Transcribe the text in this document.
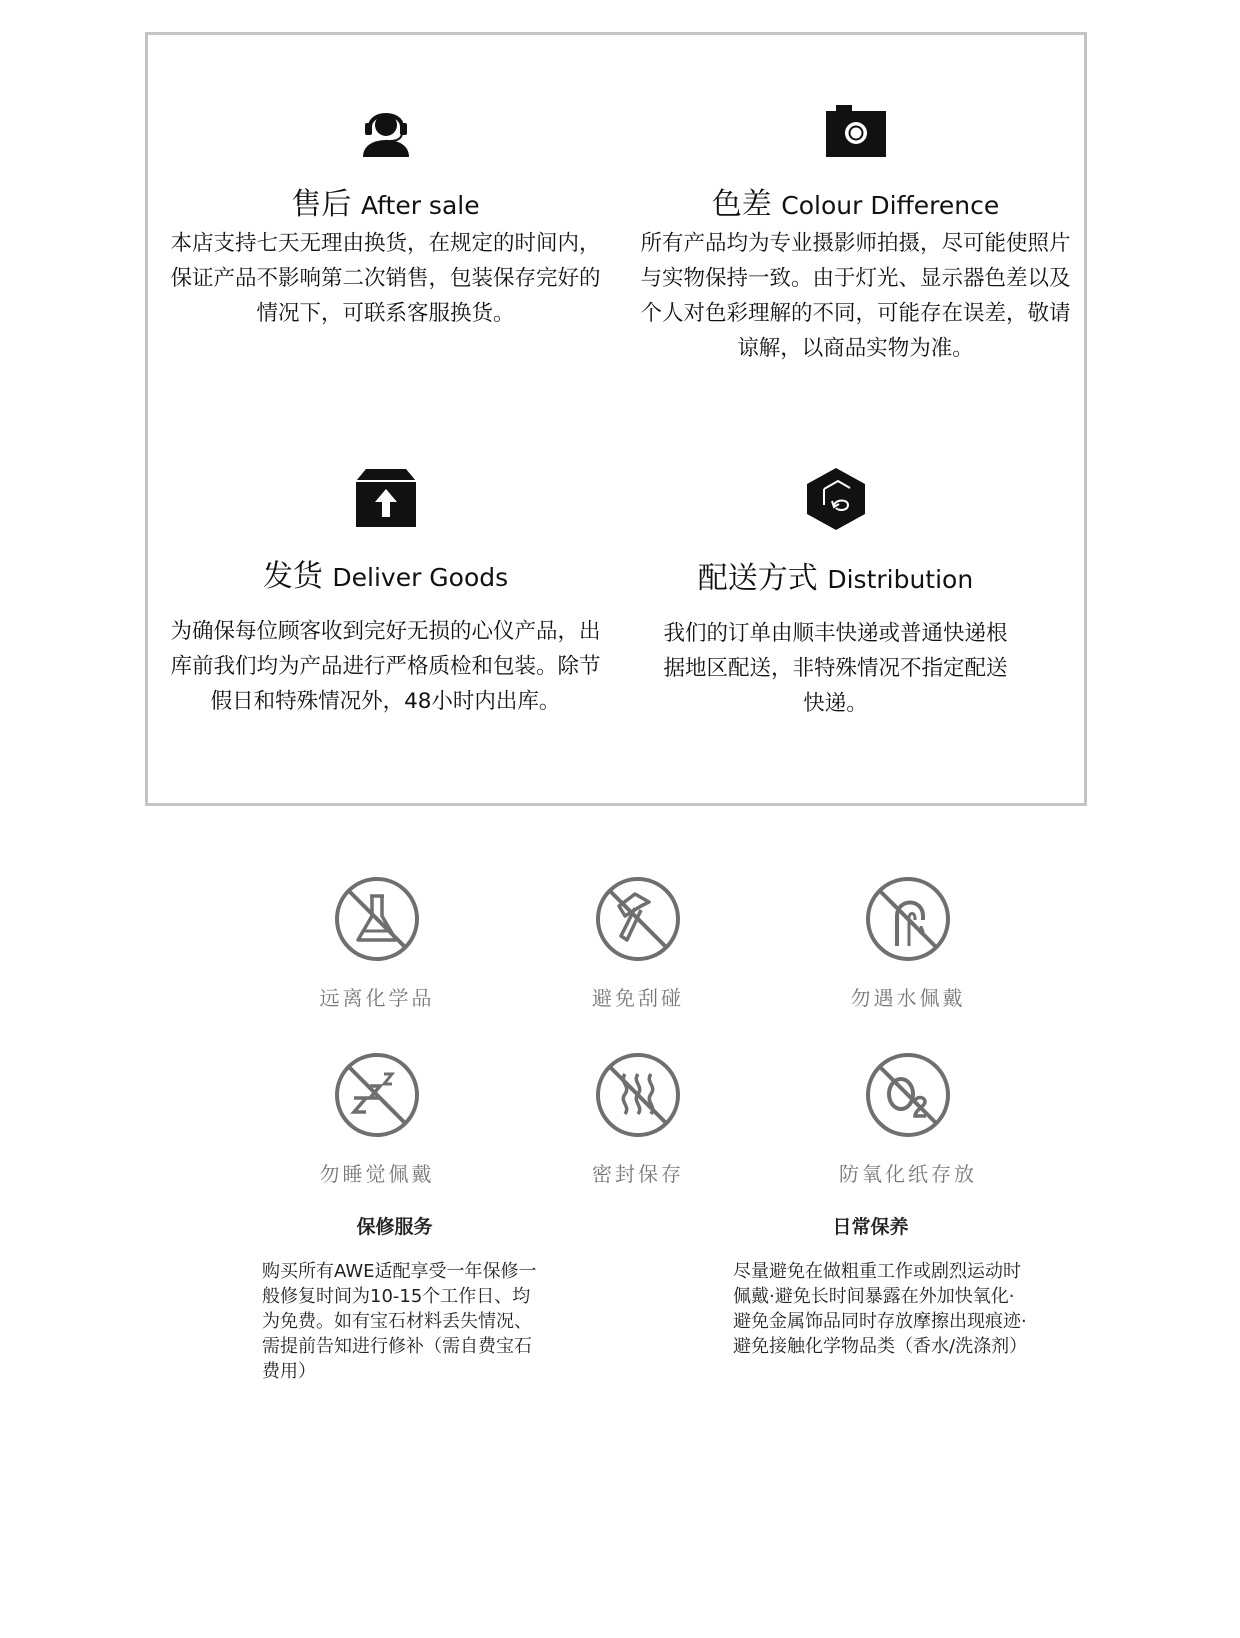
售后 After sale

本店支持七天无理由换货，在规定的时间内，保证产品不影响第二次销售，包装保存完好的情况下，可联系客服换货。

色差 Colour Difference

所有产品均为专业摄影师拍摄，尽可能使照片与实物保持一致。由于灯光、显示器色差以及个人对色彩理解的不同，可能存在误差，敬请谅解，以商品实物为准。

发货 Deliver Goods

为确保每位顾客收到完好无损的心仪产品，出库前我们均为产品进行严格质检和包装。除节假日和特殊情况外，48小时内出库。

配送方式 Distribution

我们的订单由顺丰快递或普通快递根据地区配送，非特殊情况不指定配送快递。

远离化学品	避免刮碰	勿遇水佩戴
勿睡觉佩戴	密封保存	防氧化纸存放
保修服务

购买所有AWE适配享受一年保修一般修复时间为10-15个工作日、均为免费。如有宝石材料丢失情况、需提前告知进行修补（需自费宝石费用）

日常保养

尽量避免在做粗重工作或剧烈运动时佩戴·避免长时间暴露在外加快氧化·避免金属饰品同时存放摩擦出现痕迹·避免接触化学物品类（香水/洗涤剂）
